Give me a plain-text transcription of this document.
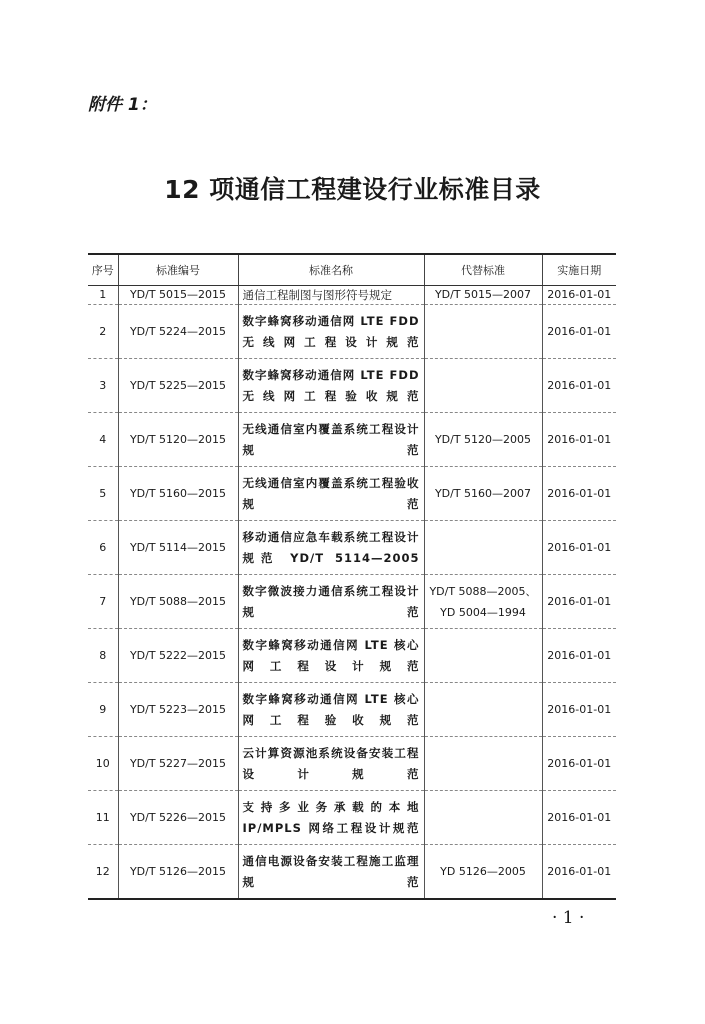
附件 1：
12 项通信工程建设行业标准目录
序号	标准编号	标准名称	代替标准	实施日期
1	YD/T 5015—2015	通信工程制图与图形符号规定	YD/T 5015—2007	2016-01-01
2	YD/T 5224—2015	数字蜂窝移动通信网 LTE FDD 无线网工程设计规范		2016-01-01
3	YD/T 5225—2015	数字蜂窝移动通信网 LTE FDD 无线网工程验收规范		2016-01-01
4	YD/T 5120—2015	无线通信室内覆盖系统工程设计规范	YD/T 5120—2005	2016-01-01
5	YD/T 5160—2015	无线通信室内覆盖系统工程验收规范	YD/T 5160—2007	2016-01-01
6	YD/T 5114—2015	移动通信应急车载系统工程设计规范 YD/T 5114—2005		2016-01-01
7	YD/T 5088—2015	数字微波接力通信系统工程设计规范	YD/T 5088—2005、YD 5004—1994	2016-01-01
8	YD/T 5222—2015	数字蜂窝移动通信网 LTE 核心网工程设计规范		2016-01-01
9	YD/T 5223—2015	数字蜂窝移动通信网 LTE 核心网工程验收规范		2016-01-01
10	YD/T 5227—2015	云计算资源池系统设备安装工程设计规范		2016-01-01
11	YD/T 5226—2015	支持多业务承载的本地 IP/MPLS 网络工程设计规范		2016-01-01
12	YD/T 5126—2015	通信电源设备安装工程施工监理规范	YD 5126—2005	2016-01-01
· 1 ·
